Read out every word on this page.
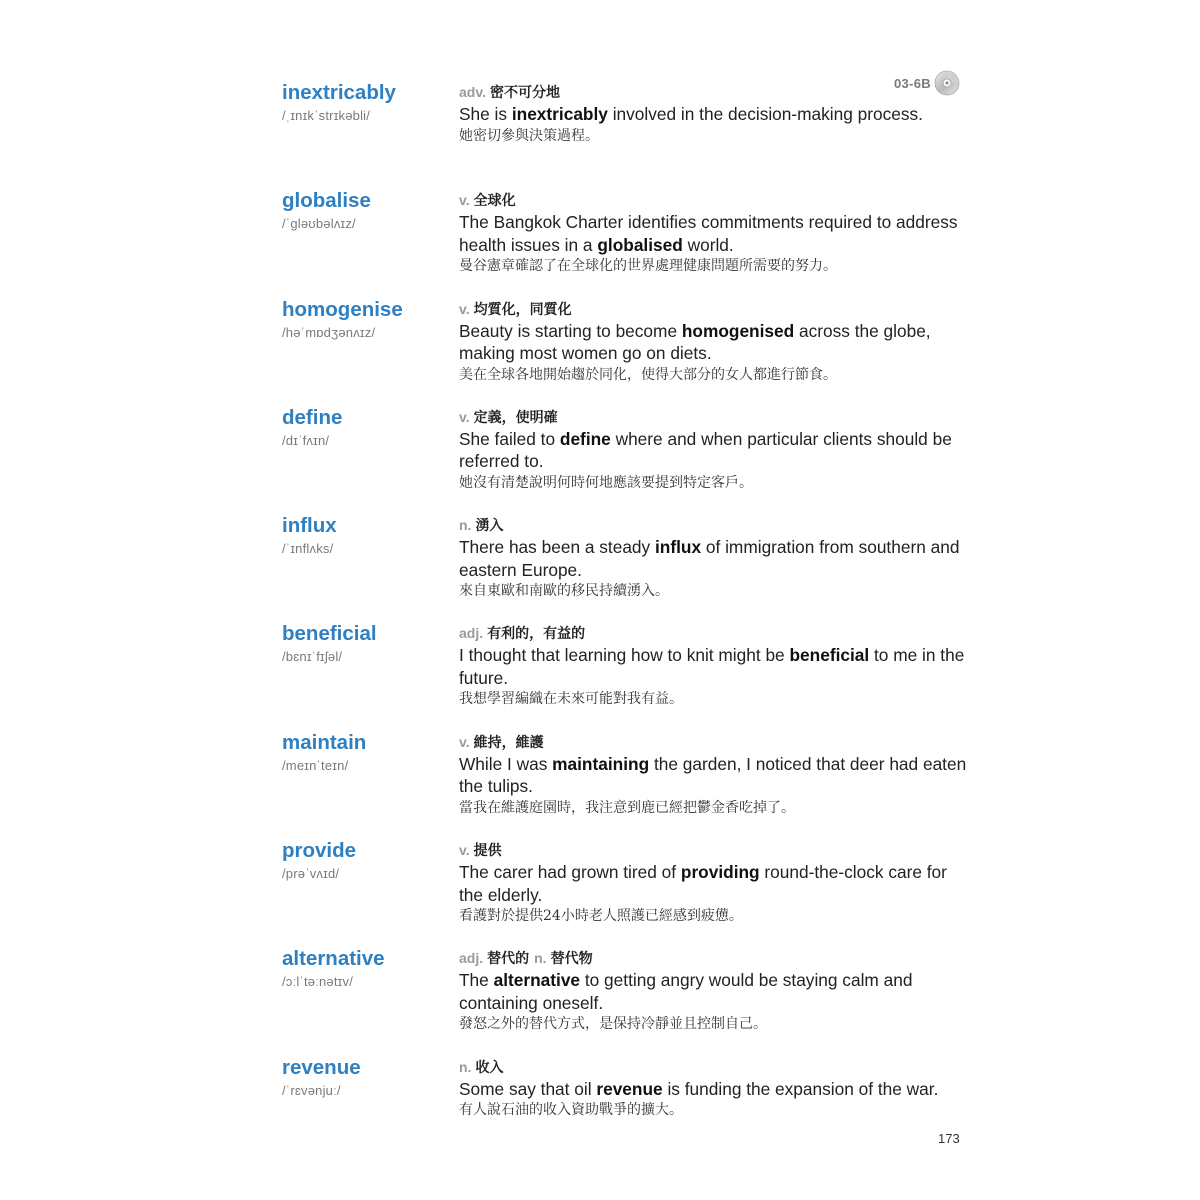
03-6B
inextricably
/ˌɪnɪkˈstrɪkəbli/
adv. 密不可分地
She is inextricably involved in the decision-making process.
她密切參與決策過程。
globalise
/ˈgləʊbəlʌɪz/
v. 全球化
The Bangkok Charter identifies commitments required to address health issues in a globalised world.
曼谷憲章確認了在全球化的世界處理健康問題所需要的努力。
homogenise
/həˈmɒdʒənʌɪz/
v. 均質化，同質化
Beauty is starting to become homogenised across the globe, making most women go on diets.
美在全球各地開始趨於同化，使得大部分的女人都進行節食。
define
/dɪˈfʌɪn/
v. 定義，使明確
She failed to define where and when particular clients should be referred to.
她沒有清楚說明何時何地應該要提到特定客戶。
influx
/ˈɪnflʌks/
n. 湧入
There has been a steady influx of immigration from southern and eastern Europe.
來自東歐和南歐的移民持續湧入。
beneficial
/bɛnɪˈfɪʃəl/
adj. 有利的，有益的
I thought that learning how to knit might be beneficial to me in the future.
我想學習編織在未來可能對我有益。
maintain
/meɪnˈteɪn/
v. 維持，維護
While I was maintaining the garden, I noticed that deer had eaten the tulips.
當我在維護庭園時，我注意到鹿已經把鬱金香吃掉了。
provide
/prəˈvʌɪd/
v. 提供
The carer had grown tired of providing round-the-clock care for the elderly.
看護對於提供24小時老人照護已經感到疲憊。
alternative
/ɔːlˈtəːnətɪv/
adj. 替代的 n. 替代物
The alternative to getting angry would be staying calm and containing oneself.
發怒之外的替代方式，是保持冷靜並且控制自己。
revenue
/ˈrɛvənjuː/
n. 收入
Some say that oil revenue is funding the expansion of the war.
有人說石油的收入資助戰爭的擴大。
173
